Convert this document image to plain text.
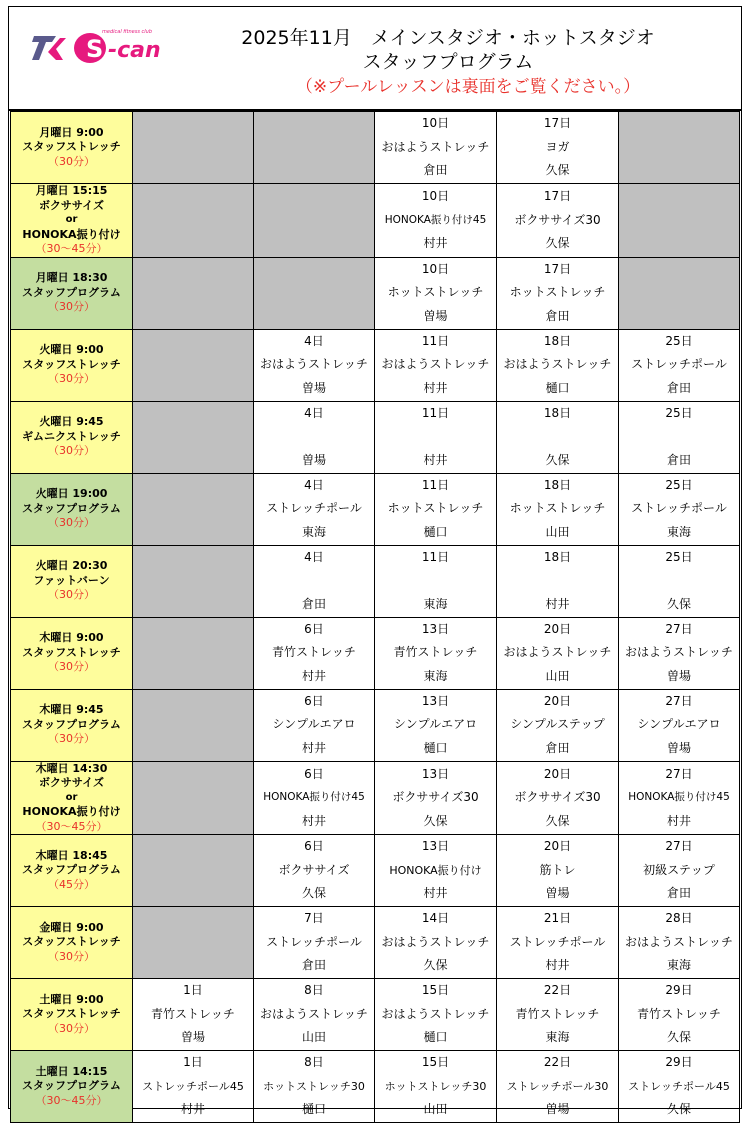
S -can
medical fitness club	2025年11月　メインスタジオ・ホットスタジオ
スタッフプログラム
（※プールレッスンは裏面をご覧ください。）
月曜日 9:00
スタッフストレッチ
（30分）			10日
おはようストレッチ
倉田	17日
ヨガ
久保	

月曜日 15:15
ボクササイズ
or
HONOKA振り付け
（30～45分）			10日
HONOKA振り付け45
村井	17日
ボクササイズ30
久保	

月曜日 18:30
スタッフプログラム
（30分）			10日
ホットストレッチ
曽場	17日
ホットストレッチ
倉田	

火曜日 9:00
スタッフストレッチ
（30分）		4日
おはようストレッチ
曽場	11日
おはようストレッチ
村井	18日
おはようストレッチ
樋口	25日
ストレッチポール
倉田

火曜日 9:45
ギムニクストレッチ
（30分）		4日
曽場	11日
村井	18日
久保	25日
倉田

火曜日 19:00
スタッフプログラム
（30分）		4日
ストレッチポール
東海	11日
ホットストレッチ
樋口	18日
ホットストレッチ
山田	25日
ストレッチポール
東海

火曜日 20:30
ファットバーン
（30分）		4日
倉田	11日
東海	18日
村井	25日
久保

木曜日 9:00
スタッフストレッチ
（30分）		6日
青竹ストレッチ
村井	13日
青竹ストレッチ
東海	20日
おはようストレッチ
山田	27日
おはようストレッチ
曽場

木曜日 9:45
スタッフプログラム
（30分）		6日
シンプルエアロ
村井	13日
シンプルエアロ
樋口	20日
シンプルステップ
倉田	27日
シンプルエアロ
曽場

木曜日 14:30
ボクササイズ
or
HONOKA振り付け
（30～45分）		6日
HONOKA振り付け45
村井	13日
ボクササイズ30
久保	20日
ボクササイズ30
久保	27日
HONOKA振り付け45
村井

木曜日 18:45
スタッフプログラム
（45分）		6日
ボクササイズ
久保	13日
HONOKA振り付け
村井	20日
筋トレ
曽場	27日
初級ステップ
倉田

金曜日 9:00
スタッフストレッチ
（30分）		7日
ストレッチポール
倉田	14日
おはようストレッチ
久保	21日
ストレッチポール
村井	28日
おはようストレッチ
東海

土曜日 9:00
スタッフストレッチ
（30分）	1日
青竹ストレッチ
曽場	8日
おはようストレッチ
山田	15日
おはようストレッチ
樋口	22日
青竹ストレッチ
東海	29日
青竹ストレッチ
久保

土曜日 14:15
スタッフプログラム
（30～45分）	1日
ストレッチポール45
村井	8日
ホットストレッチ30
樋口	15日
ホットストレッチ30
山田	22日
ストレッチポール30
曽場	29日
ストレッチポール45
久保
